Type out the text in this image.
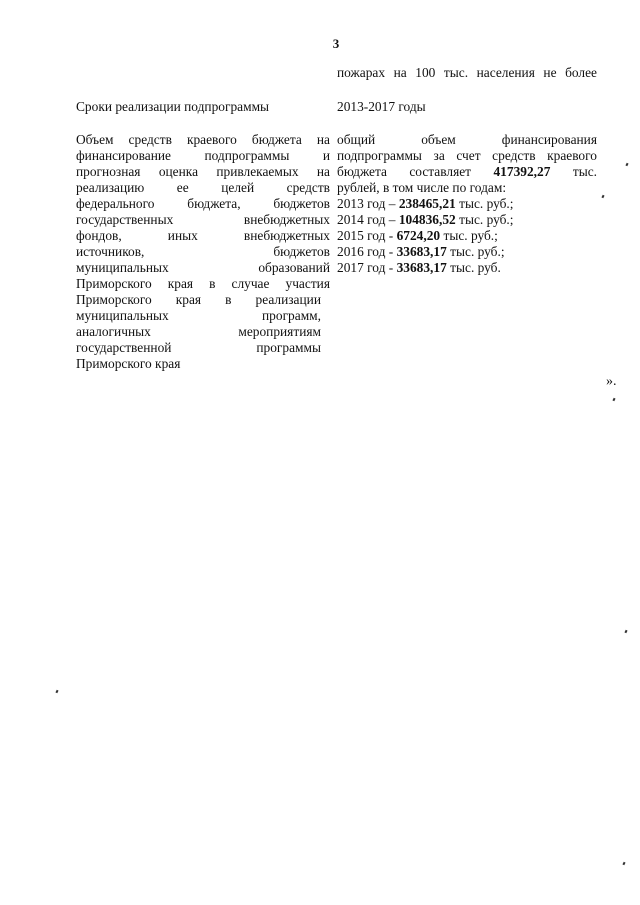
3
пожарах на 100 тыс. населения не более
Сроки реализации подпрограммы	2013-2017 годы
Объем средств краевого бюджета на
финансирование подпрограммы и
прогнозная оценка привлекаемых на
реализацию ее целей средств
федерального бюджета, бюджетов
государственных внебюджетных
фондов, иных внебюджетных
источников, бюджетов
муниципальных образований
Приморского края в случае участия
Приморского края в реализации
муниципальных программ,
аналогичных мероприятиям
государственной программы
Приморского края
общий объем финансирования
подпрограммы за счет средств краевого
бюджета составляет 417392,27 тыс.
рублей, в том числе по годам:
2013 год – 238465,21 тыс. руб.;
2014 год – 104836,52 тыс. руб.;
2015 год - 6724,20 тыс. руб.;
2016 год - 33683,17 тыс. руб.;
2017 год - 33683,17 тыс. руб.
».
